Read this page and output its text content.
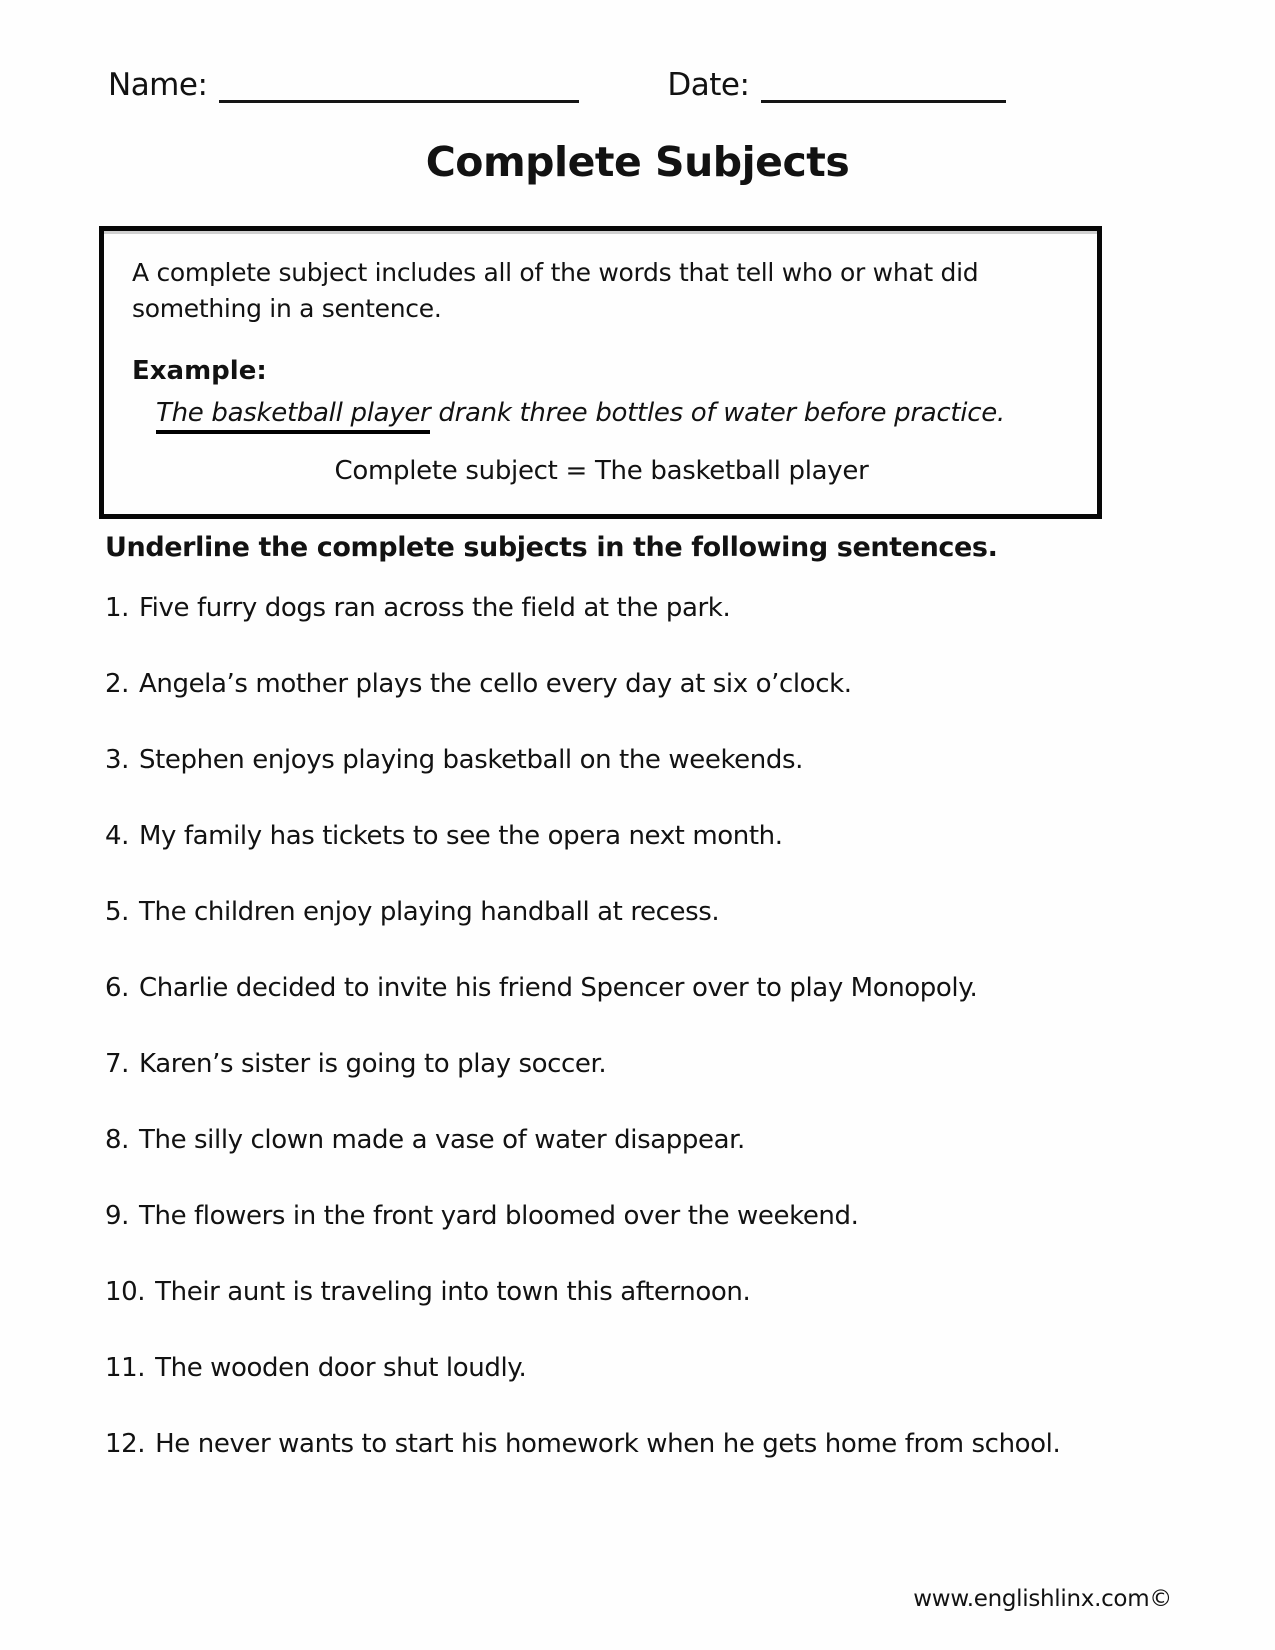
Name:	Date:
Complete Subjects
A complete subject includes all of the words that tell who or what did something in a sentence.
Example:
The basketball player drank three bottles of water before practice.
Complete subject = The basketball player
Underline the complete subjects in the following sentences.
1. Five furry dogs ran across the field at the park.
2. Angela’s mother plays the cello every day at six o’clock.
3. Stephen enjoys playing basketball on the weekends.
4. My family has tickets to see the opera next month.
5. The children enjoy playing handball at recess.
6. Charlie decided to invite his friend Spencer over to play Monopoly.
7. Karen’s sister is going to play soccer.
8. The silly clown made a vase of water disappear.
9. The flowers in the front yard bloomed over the weekend.
10. Their aunt is traveling into town this afternoon.
11. The wooden door shut loudly.
12. He never wants to start his homework when he gets home from school.
www.englishlinx.com©
